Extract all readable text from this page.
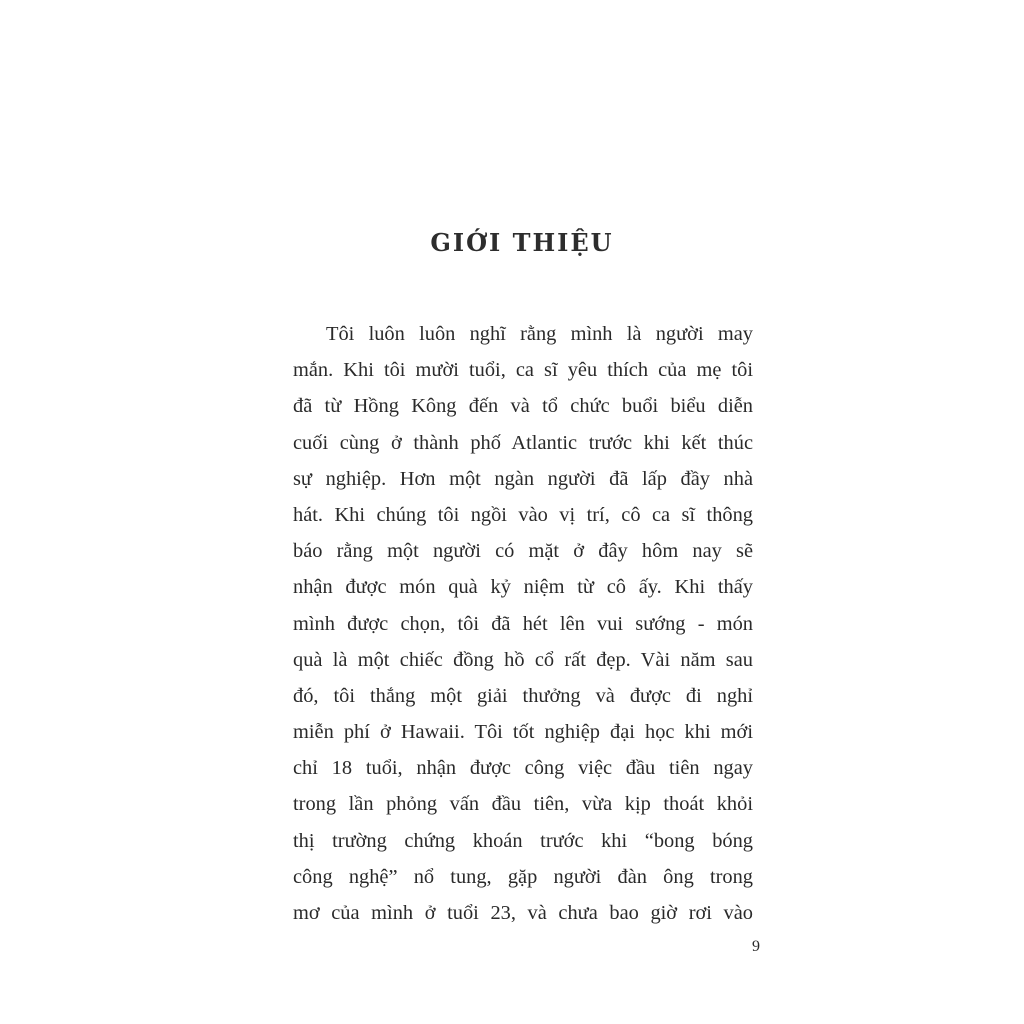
GIỚI THIỆU
Tôi luôn luôn nghĩ rằng mình là người may
mắn. Khi tôi mười tuổi, ca sĩ yêu thích của mẹ tôi
đã từ Hồng Kông đến và tổ chức buổi biểu diễn
cuối cùng ở thành phố Atlantic trước khi kết thúc
sự nghiệp. Hơn một ngàn người đã lấp đầy nhà
hát. Khi chúng tôi ngồi vào vị trí, cô ca sĩ thông
báo rằng một người có mặt ở đây hôm nay sẽ
nhận được món quà kỷ niệm từ cô ấy. Khi thấy
mình được chọn, tôi đã hét lên vui sướng - món
quà là một chiếc đồng hồ cổ rất đẹp. Vài năm sau
đó, tôi thắng một giải thưởng và được đi nghỉ
miễn phí ở Hawaii. Tôi tốt nghiệp đại học khi mới
chỉ 18 tuổi, nhận được công việc đầu tiên ngay
trong lần phỏng vấn đầu tiên, vừa kịp thoát khỏi
thị trường chứng khoán trước khi “bong bóng
công nghệ” nổ tung, gặp người đàn ông trong
mơ của mình ở tuổi 23, và chưa bao giờ rơi vào
9
